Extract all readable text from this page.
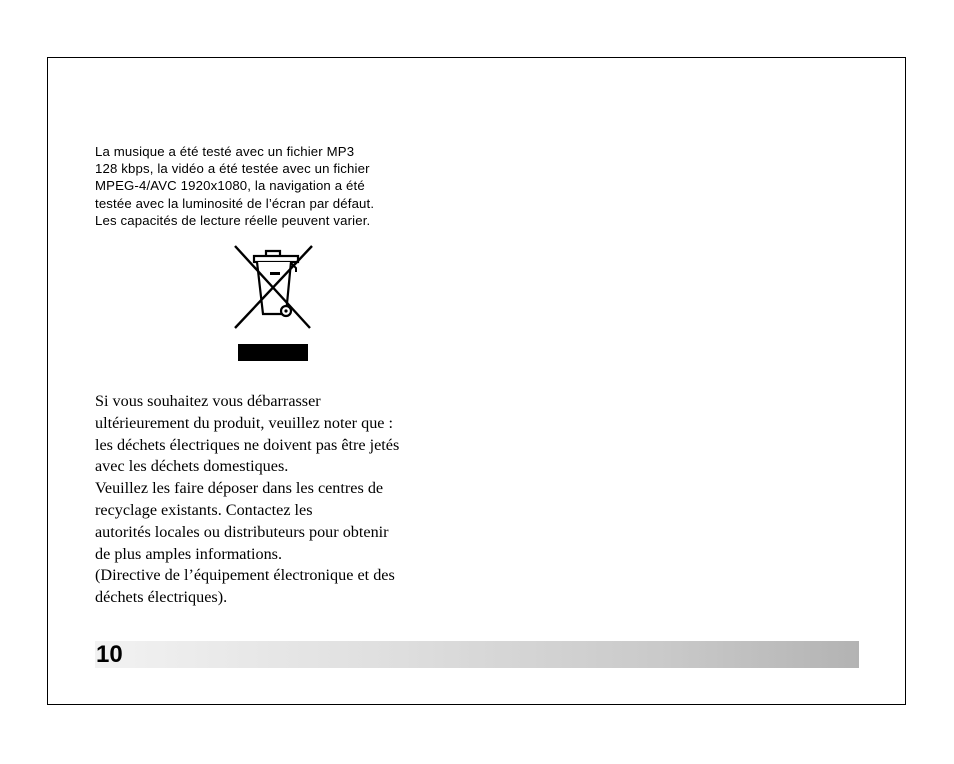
La musique a été testé avec un fichier MP3
128 kbps, la vidéo a été testée avec un fichier
MPEG-4/AVC 1920x1080, la navigation a été
testée avec la luminosité de l’écran par défaut.
Les capacités de lecture réelle peuvent varier.
Si vous souhaitez vous débarrasser
ultérieurement du produit, veuillez noter que :
les déchets électriques ne doivent pas être jetés
avec les déchets domestiques.
Veuillez les faire déposer dans les centres de
recyclage existants. Contactez les
autorités locales ou distributeurs pour obtenir
de plus amples informations.
(Directive de l’équipement électronique et des
déchets électriques).
10
